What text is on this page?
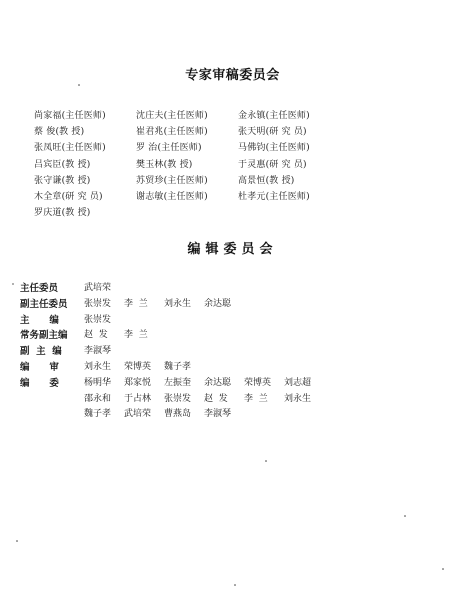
专家审稿委员会
尚家福(主任医师)	沈庄夫(主任医师)	金永镇(主任医师)
蔡 俊(教 授)	崔君兆(主任医师)	张天明(研 究 员)
张凤旺(主任医师)	罗 治(主任医师)	马佛钧(主任医师)
吕宾臣(教 授)	樊玉林(教 授)	于灵惠(研 究 员)
张守谦(教 授)	苏贸珍(主任医师)	高景恒(教 授)
木全章(研 究 员)	谢志敏(主任医师)	杜孝元(主任医师)
罗庆道(教 授)
编辑委员会
主任委员	武培荣
副主任委员	张崇发	李  兰	刘永生	余达聪
主      编	张崇发
常务副主编	赵  发	李  兰
副  主  编	李淑琴
编      审	刘永生	荣博英	魏子孝
编      委	杨明华	郑家悦	左振奎	余达聪	荣博英	刘志超
邵永和	于占林	张崇发	赵  发	李  兰	刘永生
魏子孝	武培荣	曹燕岛	李淑琴
